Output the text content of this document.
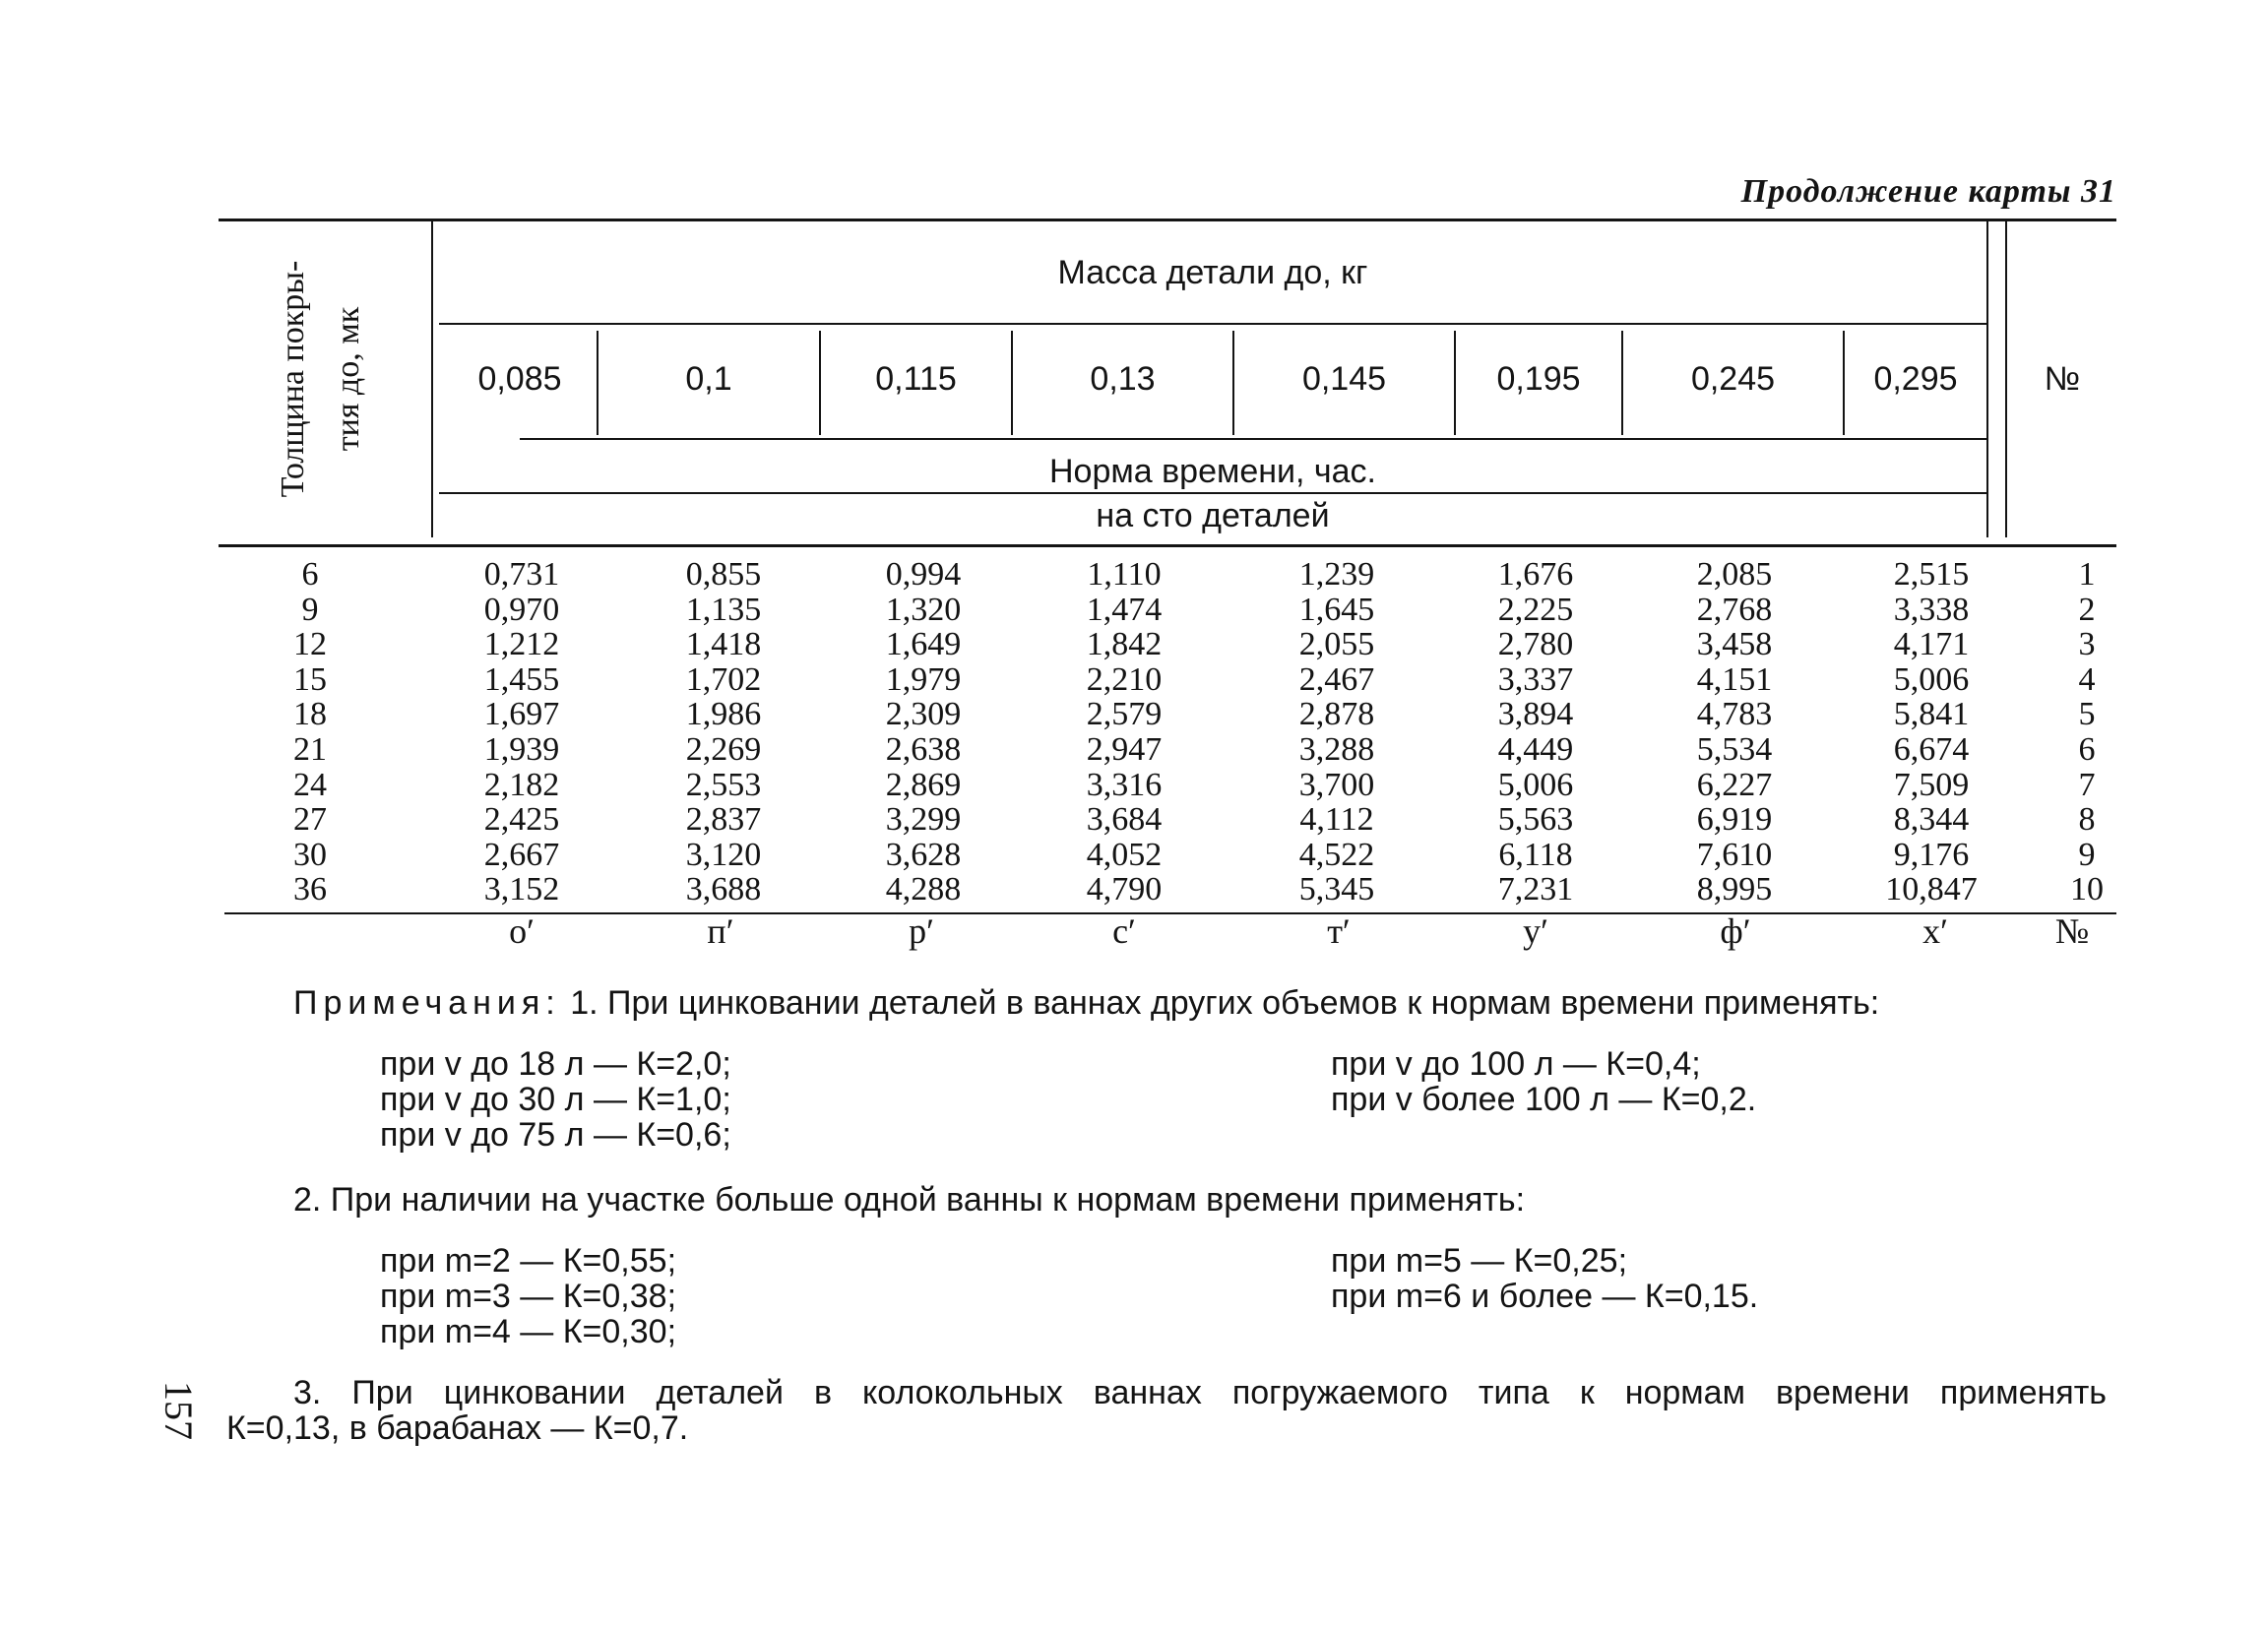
Продолжение карты 31
Толщина покры- тия до, мк
Масса детали до, кг
№
Норма времени, час.
на сто деталей
0,085	0,1	0,115	0,13	0,145	0,195	0,245	0,295
6	0,731	0,855	0,994	1,110	1,239	1,676	2,085	2,515	1
9	0,970	1,135	1,320	1,474	1,645	2,225	2,768	3,338	2
12	1,212	1,418	1,649	1,842	2,055	2,780	3,458	4,171	3
15	1,455	1,702	1,979	2,210	2,467	3,337	4,151	5,006	4
18	1,697	1,986	2,309	2,579	2,878	3,894	4,783	5,841	5
21	1,939	2,269	2,638	2,947	3,288	4,449	5,534	6,674	6
24	2,182	2,553	2,869	3,316	3,700	5,006	6,227	7,509	7
27	2,425	2,837	3,299	3,684	4,112	5,563	6,919	8,344	8
30	2,667	3,120	3,628	4,052	4,522	6,118	7,610	9,176	9
36	3,152	3,688	4,288	4,790	5,345	7,231	8,995	10,847	10
о′	п′	р′	с′	т′	у′	ф′	х′	№
Примечания: 1. При цинковании деталей в ваннах других объемов к нормам времени применять:
при v до 18 л — К=2,0;
при v до 30 л — К=1,0;
при v до 75 л — К=0,6;
при v до 100 л — К=0,4;
при v более 100 л — К=0,2.
2. При наличии на участке больше одной ванны к нормам времени применять:
при m=2 — К=0,55;
при m=3 — К=0,38;
при m=4 — К=0,30;
при m=5 — К=0,25;
при m=6 и более — К=0,15.
3. При цинковании деталей в колокольных ваннах погружаемого типа к нормам времени применять
К=0,13, в барабанах — К=0,7.
157
